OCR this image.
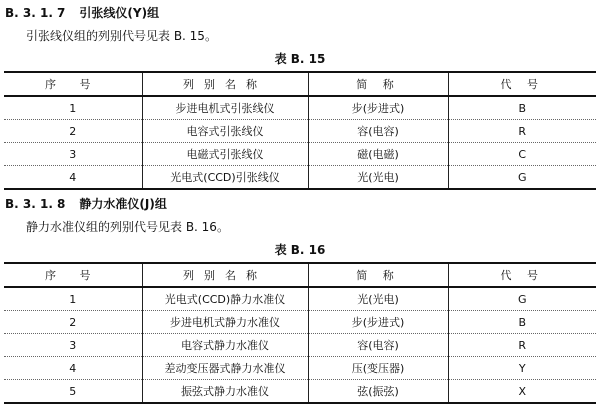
B. 3. 1. 7 引张线仪(Y)组
引张线仪组的列别代号见表 B. 15。
表 B. 15
序 号	列别名称	简 称	代 号
1	步进电机式引张线仪	步(步进式)	B
2	电容式引张线仪	容(电容)	R
3	电磁式引张线仪	磁(电磁)	C
4	光电式(CCD)引张线仪	光(光电)	G
B. 3. 1. 8 静力水准仪(J)组
静力水准仪组的列别代号见表 B. 16。
表 B. 16
序 号	列别名称	简 称	代 号
1	光电式(CCD)静力水准仪	光(光电)	G
2	步进电机式静力水准仪	步(步进式)	B
3	电容式静力水准仪	容(电容)	R
4	差动变压器式静力水准仪	压(变压器)	Y
5	振弦式静力水准仪	弦(振弦)	X
